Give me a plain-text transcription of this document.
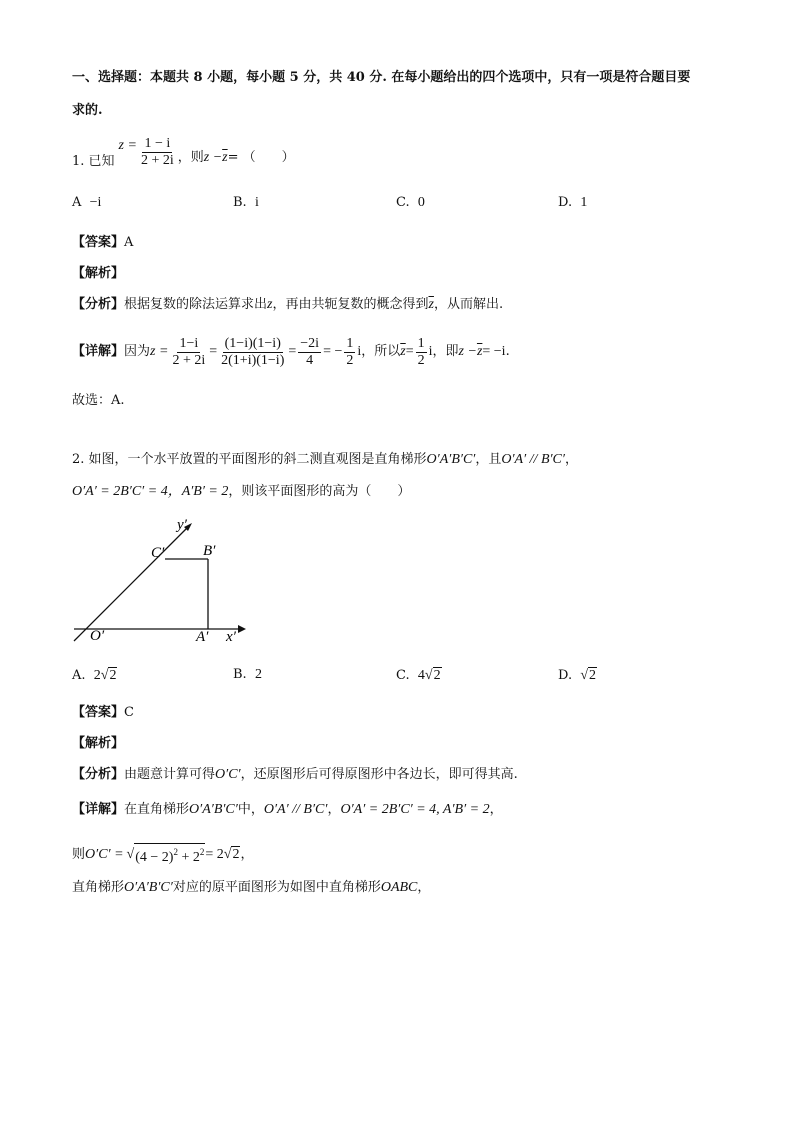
一、选择题：本题共 8 小题，每小题 5 分，共 40 分. 在每小题给出的四个选项中，只有一项是符合题目要
求的.
1. 已知
$z = \frac{1 - i}{2 + 2i}$ ，则 $z - \overline{z}$ = （　　）
A −i	B. i	C. 0	D. 1
【答案】A
【解析】
【分析】 根据复数的除法运算求出 z ，再由共轭复数的概念得到 $\overline{z}$ ，从而解出.
【详解】 因为 $z = \frac{1-i}{2 + 2i} = \frac{(1-i)(1-i)}{2(1+i)(1-i)} = \frac{-2i}{4}$ = − $\frac{1}{2}$ i ，所以 $\overline{z} = \frac{1}{2}$ i ，即 $z - \overline{z} = -i$ .
故选：A.
2. 如图，一个水平放置的平面图形的斜二测直观图是直角梯形 O′A′B′C′ ，且 O′A′ // B′C′ ，
O′A′ = 2B′C′ = 4，A′B′ = 2 ，则该平面图形的高为（　　）
y′
x′
O′	A′
B′
C′
A.
2 √ 2	B.
2	C.
4 √ 2	D.
√ 2
【答案】C
【解析】
【分析】 由题意计算可得 O′C′ ，还原图形后可得原图形中各边长，即可得其高.
【详解】 在直角梯形 O′A′B′C′ 中， O′A′ // B′C′ ， O′A′ = 2B′C′ = 4, A′B′ = 2 ，
则 O′C′ = √ $(4 - 2)^2 + 2^2 = 2$ √ 2 ，
直角梯形 O′A′B′C′ 对应的原平面图形为如图中直角梯形 OABC ，
